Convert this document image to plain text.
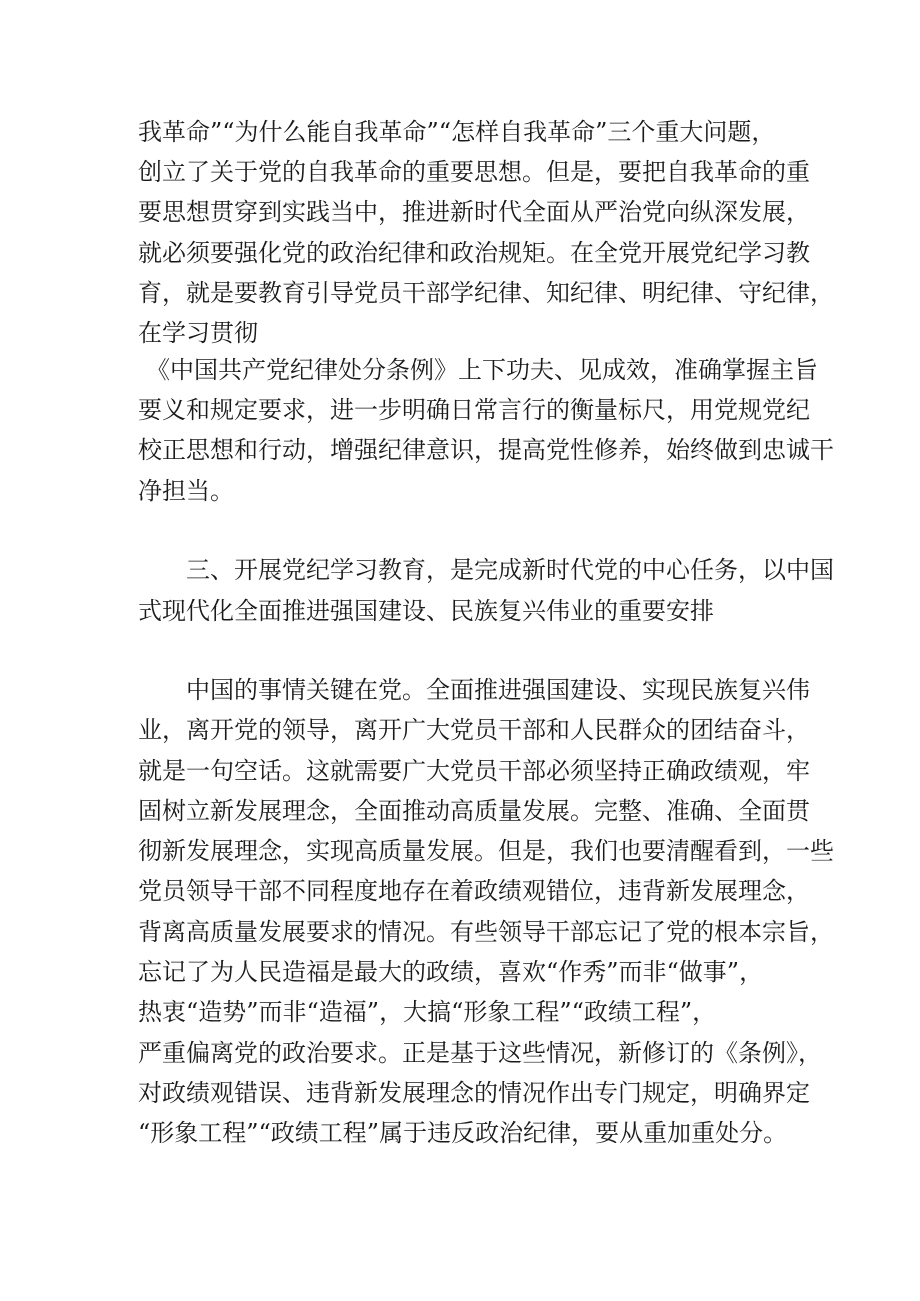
我革命”“为什么能自我革命”“怎样自我革命”三个重大问题，

创立了关于党的自我革命的重要思想。但是，要把自我革命的重

要思想贯穿到实践当中，推进新时代全面从严治党向纵深发展，

就必须要强化党的政治纪律和政治规矩。在全党开展党纪学习教

育，就是要教育引导党员干部学纪律、知纪律、明纪律、守纪律，

在学习贯彻

《中国共产党纪律处分条例》上下功夫、见成效，准确掌握主旨

要义和规定要求，进一步明确日常言行的衡量标尺，用党规党纪

校正思想和行动，增强纪律意识，提高党性修养，始终做到忠诚干

净担当。

三、开展党纪学习教育，是完成新时代党的中心任务，以中国

式现代化全面推进强国建设、民族复兴伟业的重要安排

中国的事情关键在党。全面推进强国建设、实现民族复兴伟

业，离开党的领导，离开广大党员干部和人民群众的团结奋斗，

就是一句空话。这就需要广大党员干部必须坚持正确政绩观，牢

固树立新发展理念，全面推动高质量发展。完整、准确、全面贯

彻新发展理念，实现高质量发展。但是，我们也要清醒看到，一些

党员领导干部不同程度地存在着政绩观错位，违背新发展理念，

背离高质量发展要求的情况。有些领导干部忘记了党的根本宗旨，

忘记了为人民造福是最大的政绩，喜欢“作秀”而非“做事”，

热衷“造势”而非“造福”，大搞“形象工程”“政绩工程”，

严重偏离党的政治要求。正是基于这些情况，新修订的《条例》，

对政绩观错误、违背新发展理念的情况作出专门规定，明确界定

“形象工程”“政绩工程”属于违反政治纪律，要从重加重处分。
